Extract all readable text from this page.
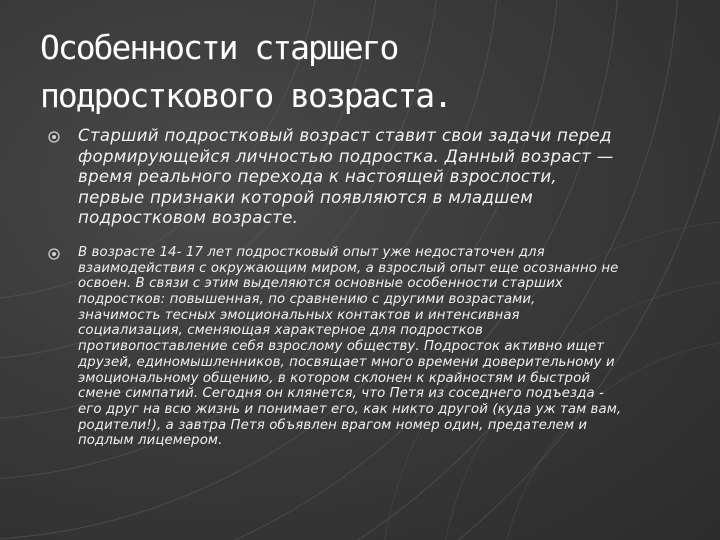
Особенности старшего
подросткового возраста.
Старший подростковый возраст ставит свои задачи перед формирующейся личностью подростка. Данный возраст — время реального перехода к настоящей взрослости, первые признаки которой появляются в младшем подростковом возрасте.
В возрасте 14- 17 лет подростковый опыт уже недостаточен для взаимодействия с окружающим миром, а взрослый опыт еще осознанно не освоен. В связи с этим выделяются основные особенности старших подростков: повышенная, по сравнению с другими возрастами, значимость тесных эмоциональных контактов и интенсивная социализация, сменяющая характерное для подростков противопоставление себя взрослому обществу. Подросток активно ищет друзей, единомышленников, посвящает много времени доверительному и эмоциональному общению, в котором склонен к крайностям и быстрой смене симпатий. Сегодня он клянется, что Петя из соседнего подъезда - его друг на всю жизнь и понимает его, как никто другой (куда уж там вам, родители!), а завтра Петя объявлен врагом номер один, предателем и подлым лицемером.
